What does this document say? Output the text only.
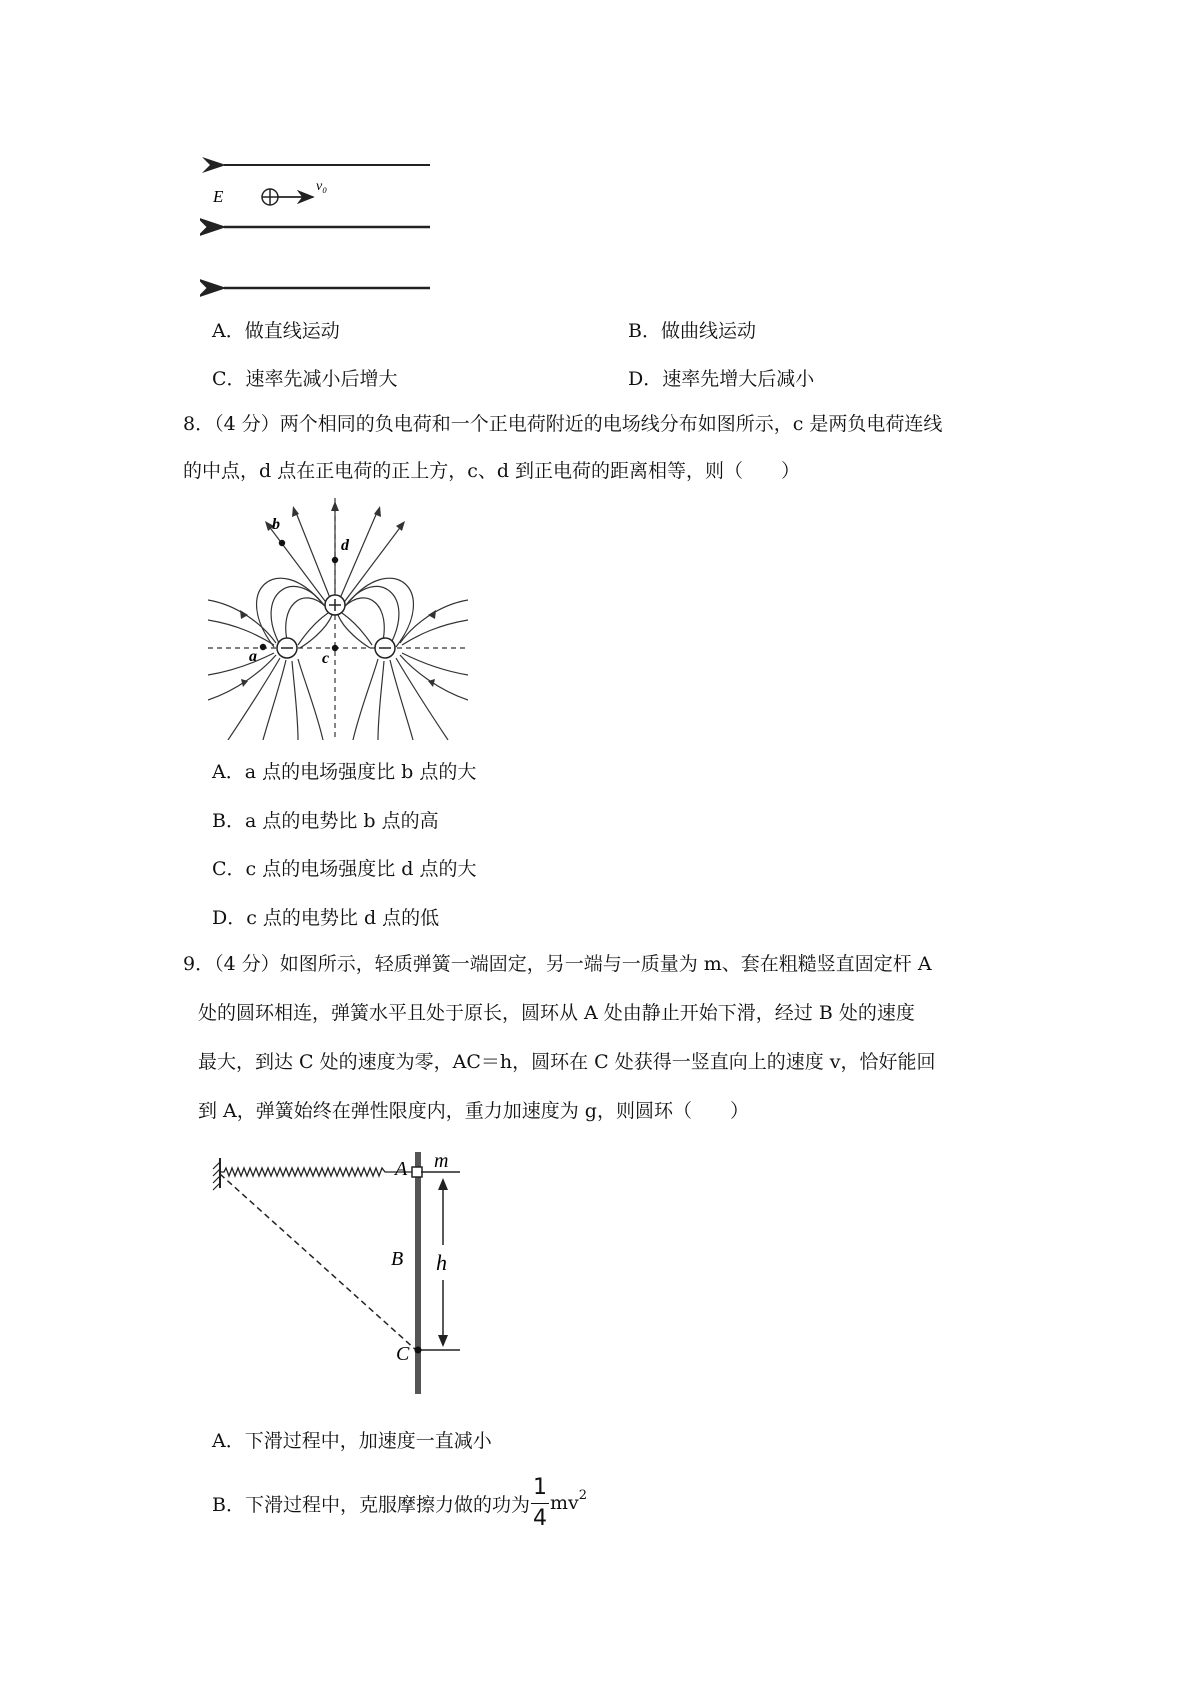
E
v₀
A．做直线运动	B．做曲线运动
C．速率先减小后增大	D．速率先增大后减小
8．（4 分）两个相同的负电荷和一个正电荷附近的电场线分布如图所示，c 是两负电荷连线
的中点，d 点在正电荷的正上方，c、d 到正电荷的距离相等，则（　　）
a
b
c
d
A．a 点的电场强度比 b 点的大
B．a 点的电势比 b 点的高
C．c 点的电场强度比 d 点的大
D．c 点的电势比 d 点的低
9．（4 分）如图所示，轻质弹簧一端固定，另一端与一质量为 m、套在粗糙竖直固定杆 A
处的圆环相连，弹簧水平且处于原长，圆环从 A 处由静止开始下滑，经过 B 处的速度
最大，到达 C 处的速度为零，AC＝h，圆环在 C 处获得一竖直向上的速度 v，恰好能回
到 A，弹簧始终在弹性限度内，重力加速度为 g，则圆环（　　）
A m
B h
C
A．下滑过程中，加速度一直减小
B．下滑过程中，克服摩擦力做的功为 $\frac{1}{4} mv^2$
